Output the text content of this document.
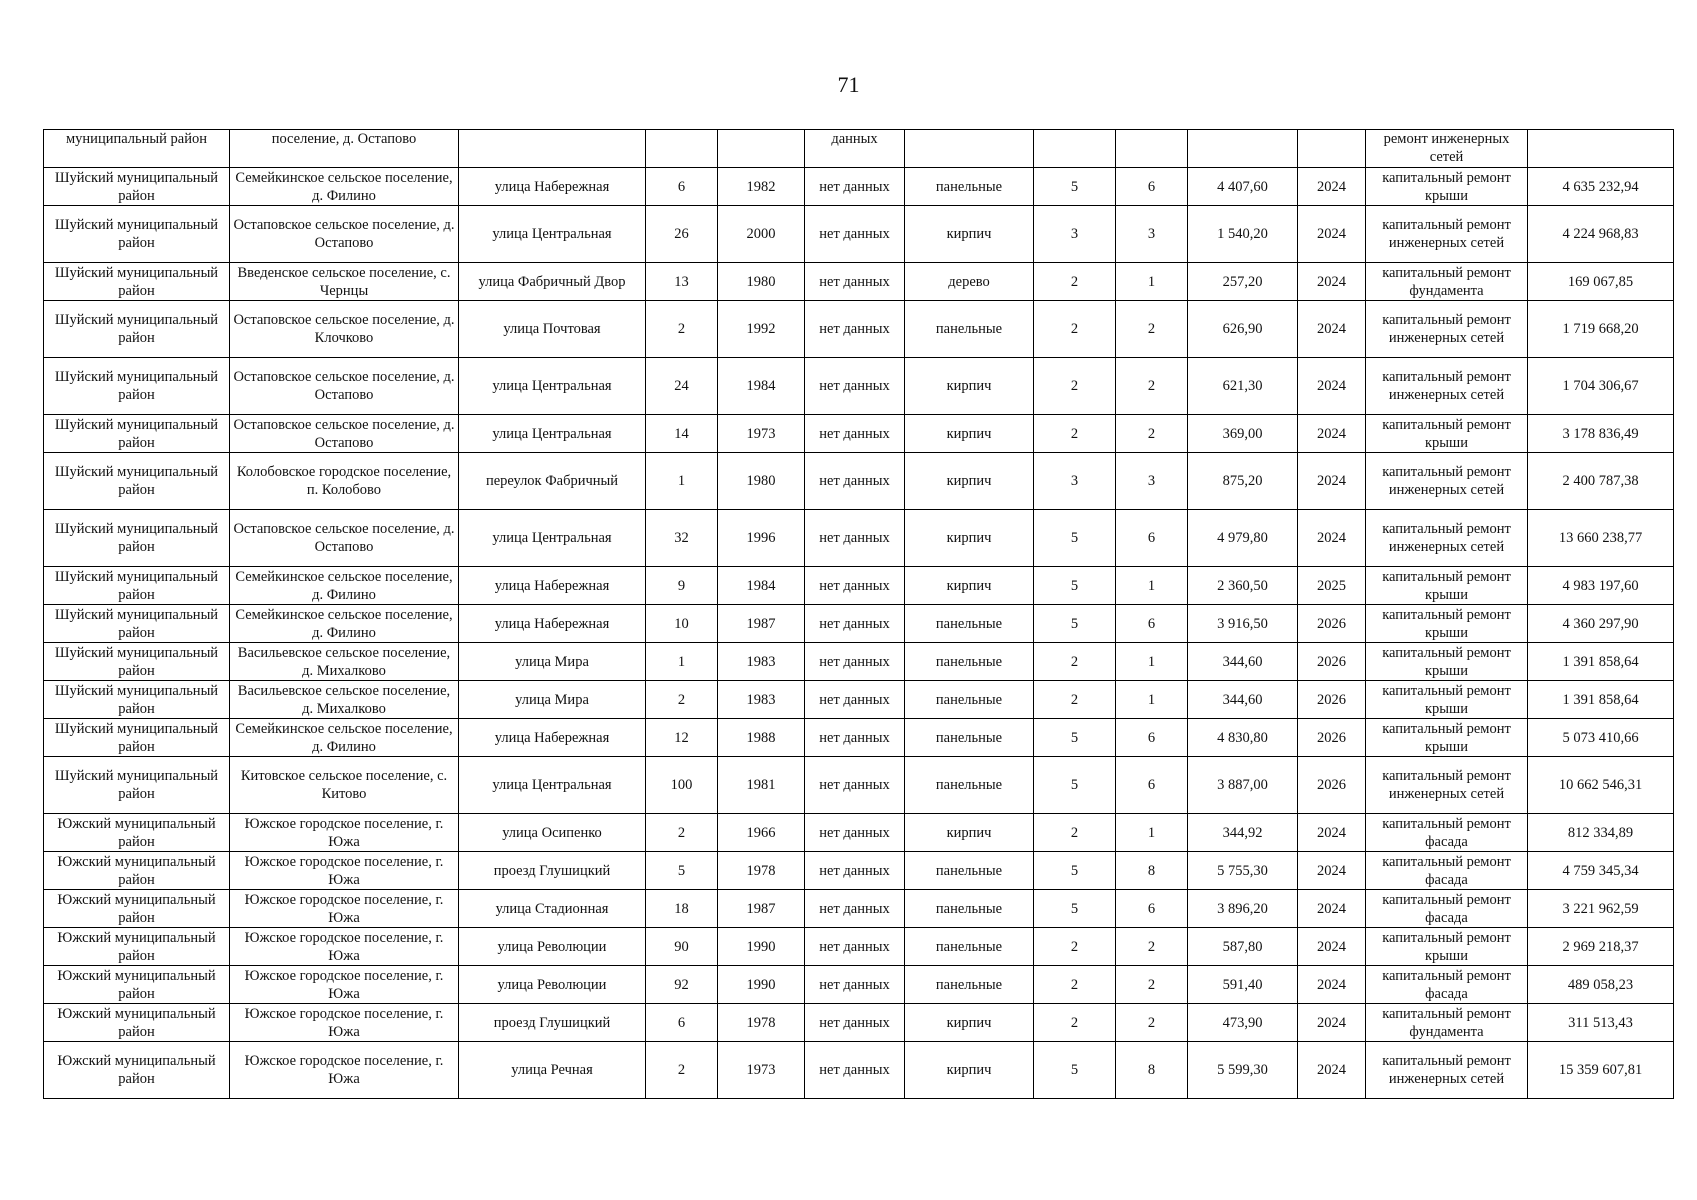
71
муниципальный район	поселение, д. Остапово				данных						ремонт инженерных сетей	

Шуйский муниципальный район	Семейкинское сельское поселение, д. Филино	улица Набережная	6	1982	нет данных	панельные	5	6	4 407,60	2024	капитальный ремонт крыши	4 635 232,94

Шуйский муниципальный район	Остаповское сельское поселение, д. Остапово	улица Центральная	26	2000	нет данных	кирпич	3	3	1 540,20	2024	капитальный ремонт инженерных сетей	4 224 968,83

Шуйский муниципальный район	Введенское сельское поселение, с. Чернцы	улица Фабричный Двор	13	1980	нет данных	дерево	2	1	257,20	2024	капитальный ремонт фундамента	169 067,85

Шуйский муниципальный район	Остаповское сельское поселение, д. Клочково	улица Почтовая	2	1992	нет данных	панельные	2	2	626,90	2024	капитальный ремонт инженерных сетей	1 719 668,20

Шуйский муниципальный район	Остаповское сельское поселение, д. Остапово	улица Центральная	24	1984	нет данных	кирпич	2	2	621,30	2024	капитальный ремонт инженерных сетей	1 704 306,67

Шуйский муниципальный район	Остаповское сельское поселение, д. Остапово	улица Центральная	14	1973	нет данных	кирпич	2	2	369,00	2024	капитальный ремонт крыши	3 178 836,49

Шуйский муниципальный район	Колобовское городское поселение, п. Колобово	переулок Фабричный	1	1980	нет данных	кирпич	3	3	875,20	2024	капитальный ремонт инженерных сетей	2 400 787,38

Шуйский муниципальный район	Остаповское сельское поселение, д. Остапово	улица Центральная	32	1996	нет данных	кирпич	5	6	4 979,80	2024	капитальный ремонт инженерных сетей	13 660 238,77

Шуйский муниципальный район	Семейкинское сельское поселение, д. Филино	улица Набережная	9	1984	нет данных	кирпич	5	1	2 360,50	2025	капитальный ремонт крыши	4 983 197,60

Шуйский муниципальный район	Семейкинское сельское поселение, д. Филино	улица Набережная	10	1987	нет данных	панельные	5	6	3 916,50	2026	капитальный ремонт крыши	4 360 297,90

Шуйский муниципальный район	Васильевское сельское поселение, д. Михалково	улица Мира	1	1983	нет данных	панельные	2	1	344,60	2026	капитальный ремонт крыши	1 391 858,64

Шуйский муниципальный район	Васильевское сельское поселение, д. Михалково	улица Мира	2	1983	нет данных	панельные	2	1	344,60	2026	капитальный ремонт крыши	1 391 858,64

Шуйский муниципальный район	Семейкинское сельское поселение, д. Филино	улица Набережная	12	1988	нет данных	панельные	5	6	4 830,80	2026	капитальный ремонт крыши	5 073 410,66

Шуйский муниципальный район	Китовское сельское поселение, с. Китово	улица Центральная	100	1981	нет данных	панельные	5	6	3 887,00	2026	капитальный ремонт инженерных сетей	10 662 546,31

Южский муниципальный район	Южское городское поселение, г. Южа	улица Осипенко	2	1966	нет данных	кирпич	2	1	344,92	2024	капитальный ремонт фасада	812 334,89

Южский муниципальный район	Южское городское поселение, г. Южа	проезд Глушицкий	5	1978	нет данных	панельные	5	8	5 755,30	2024	капитальный ремонт фасада	4 759 345,34

Южский муниципальный район	Южское городское поселение, г. Южа	улица Стадионная	18	1987	нет данных	панельные	5	6	3 896,20	2024	капитальный ремонт фасада	3 221 962,59

Южский муниципальный район	Южское городское поселение, г. Южа	улица Революции	90	1990	нет данных	панельные	2	2	587,80	2024	капитальный ремонт крыши	2 969 218,37

Южский муниципальный район	Южское городское поселение, г. Южа	улица Революции	92	1990	нет данных	панельные	2	2	591,40	2024	капитальный ремонт фасада	489 058,23

Южский муниципальный район	Южское городское поселение, г. Южа	проезд Глушицкий	6	1978	нет данных	кирпич	2	2	473,90	2024	капитальный ремонт фундамента	311 513,43

Южский муниципальный район	Южское городское поселение, г. Южа	улица Речная	2	1973	нет данных	кирпич	5	8	5 599,30	2024	капитальный ремонт инженерных сетей	15 359 607,81
